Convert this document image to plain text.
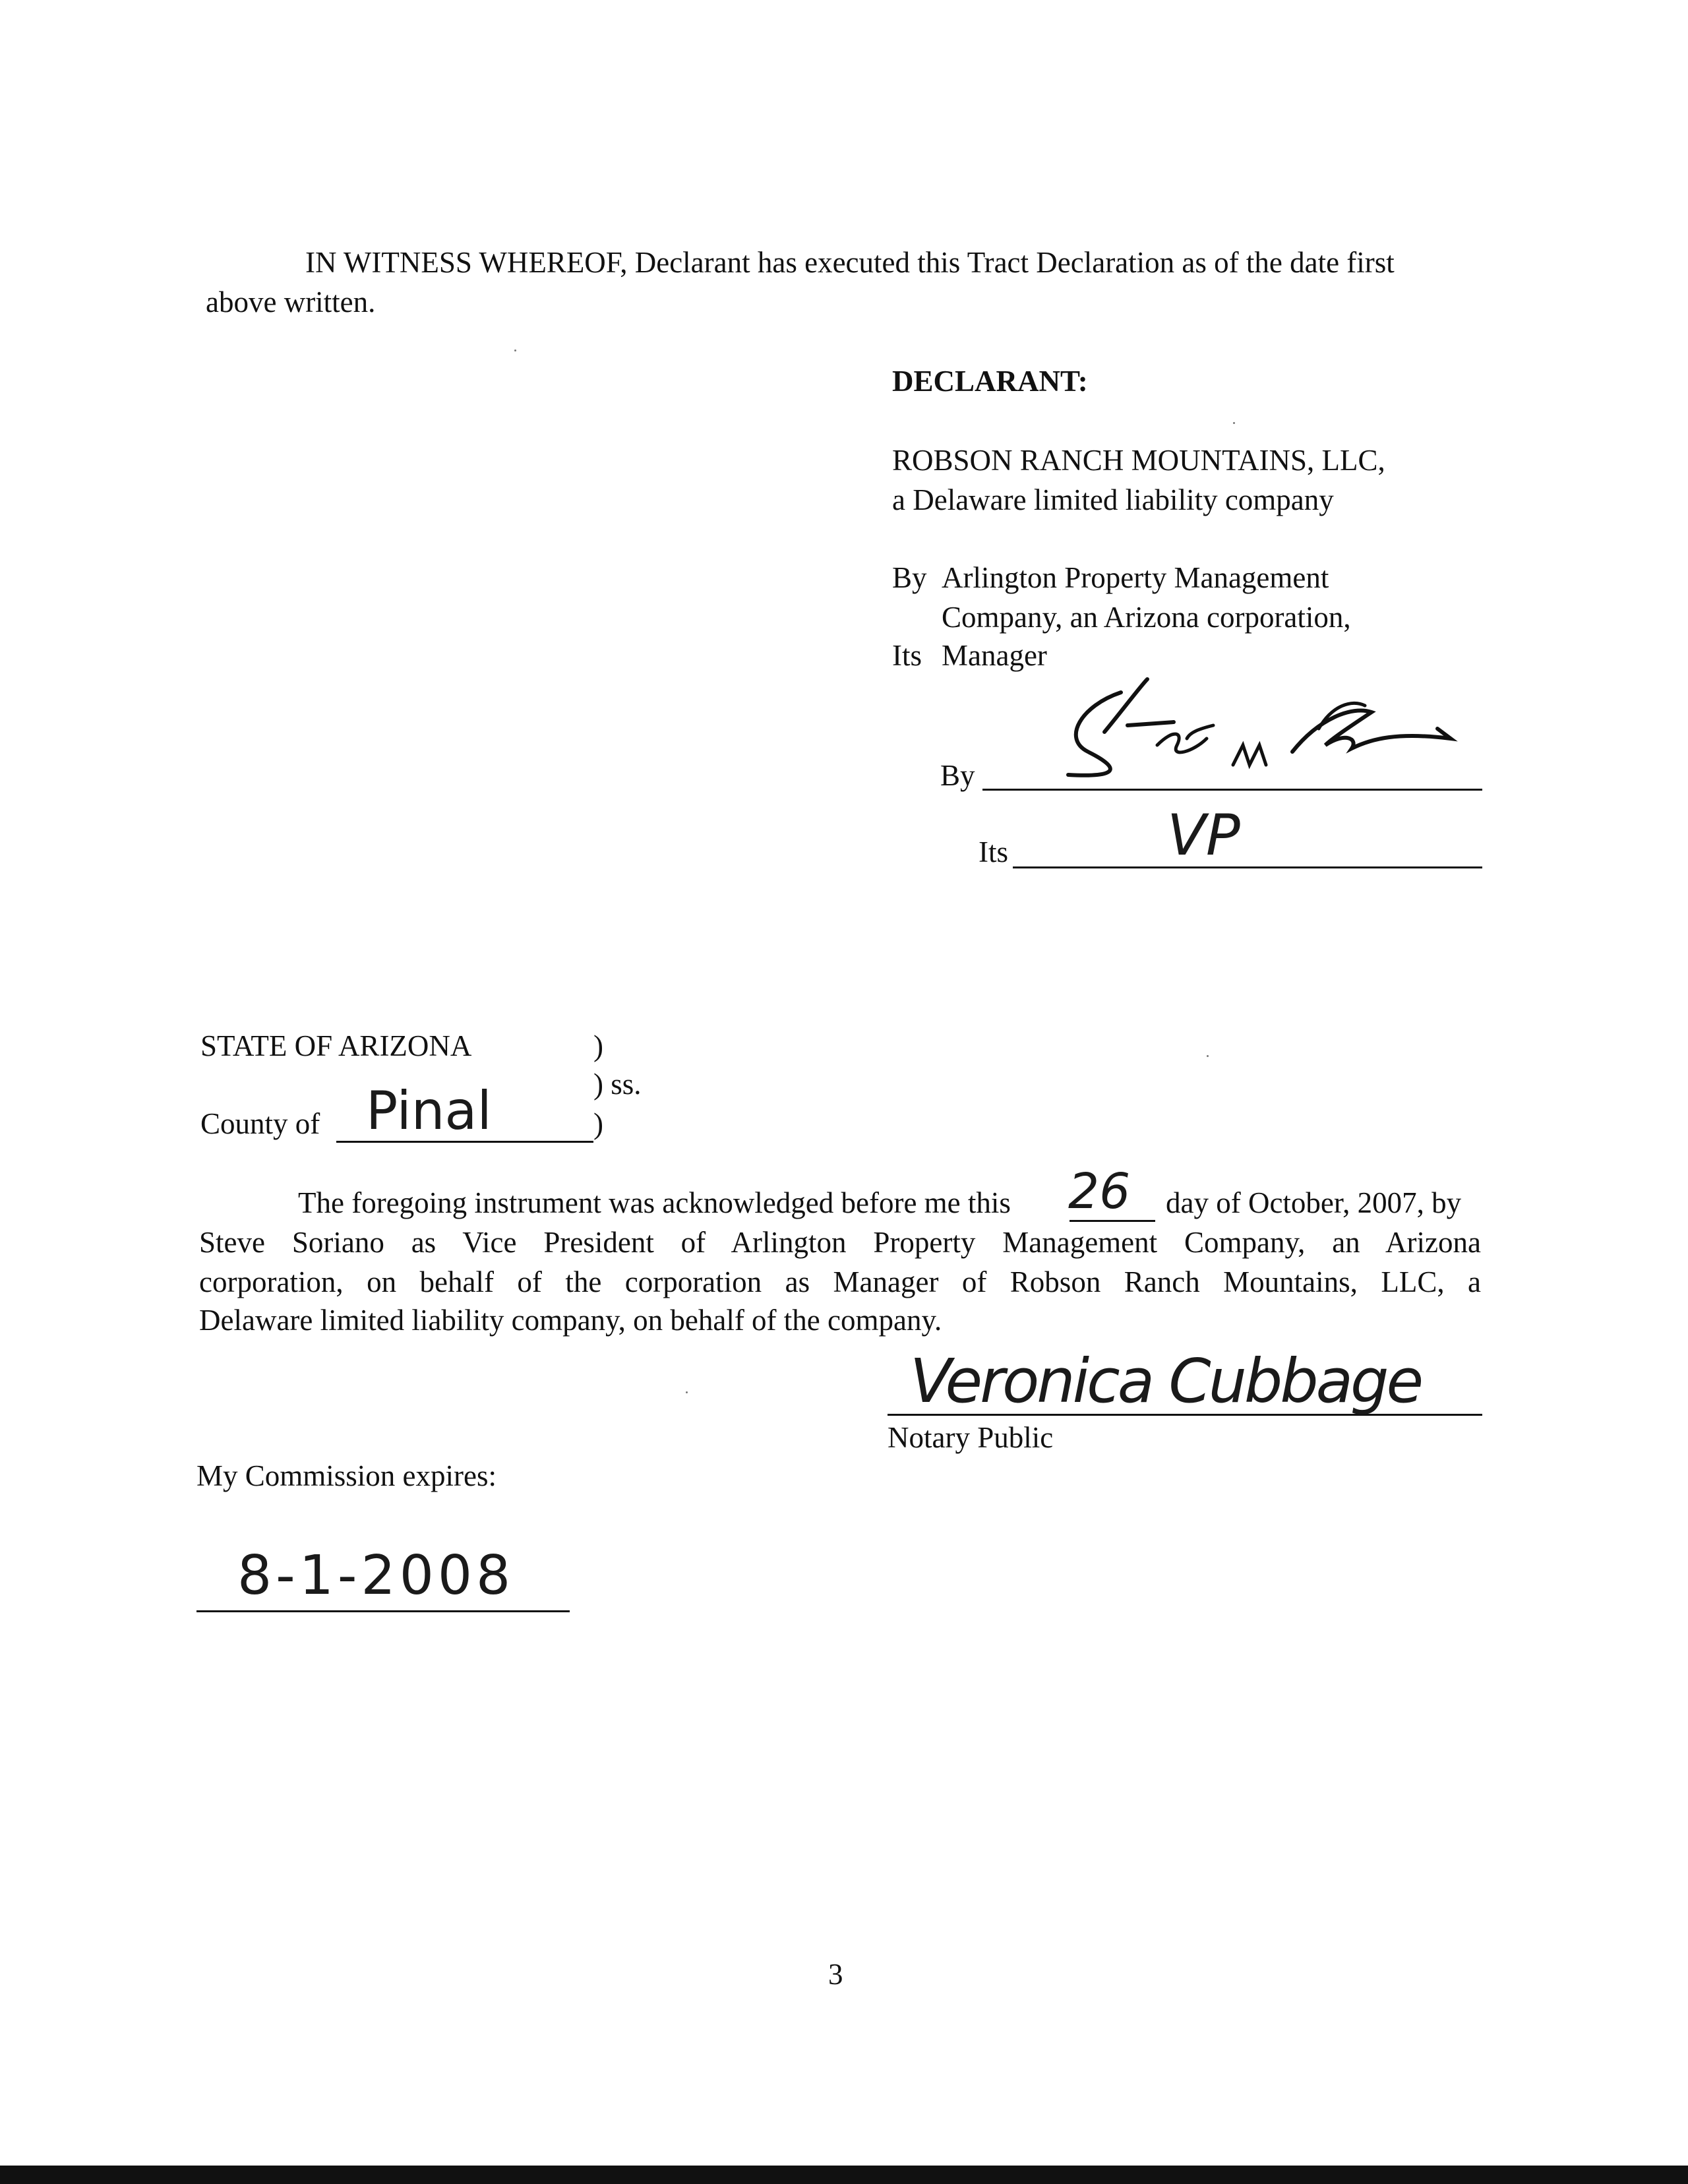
IN WITNESS WHEREOF, Declarant has executed this Tract Declaration as of the date first
above written.
DECLARANT:
ROBSON RANCH MOUNTAINS, LLC,
a Delaware limited liability company
By Arlington Property Management
Company, an Arizona corporation,
Its Manager
By
Its	VP
STATE OF ARIZONA	)
) ss.
County of Pinal	)
The foregoing instrument was acknowledged before me this 26 day of October, 2007, by
Steve Soriano as Vice President of Arlington Property Management Company, an Arizona
corporation, on behalf of the corporation as Manager of Robson Ranch Mountains, LLC, a
Delaware limited liability company, on behalf of the company.
Veronica Cubbage
Notary Public
My Commission expires:
8-1-2008
3
